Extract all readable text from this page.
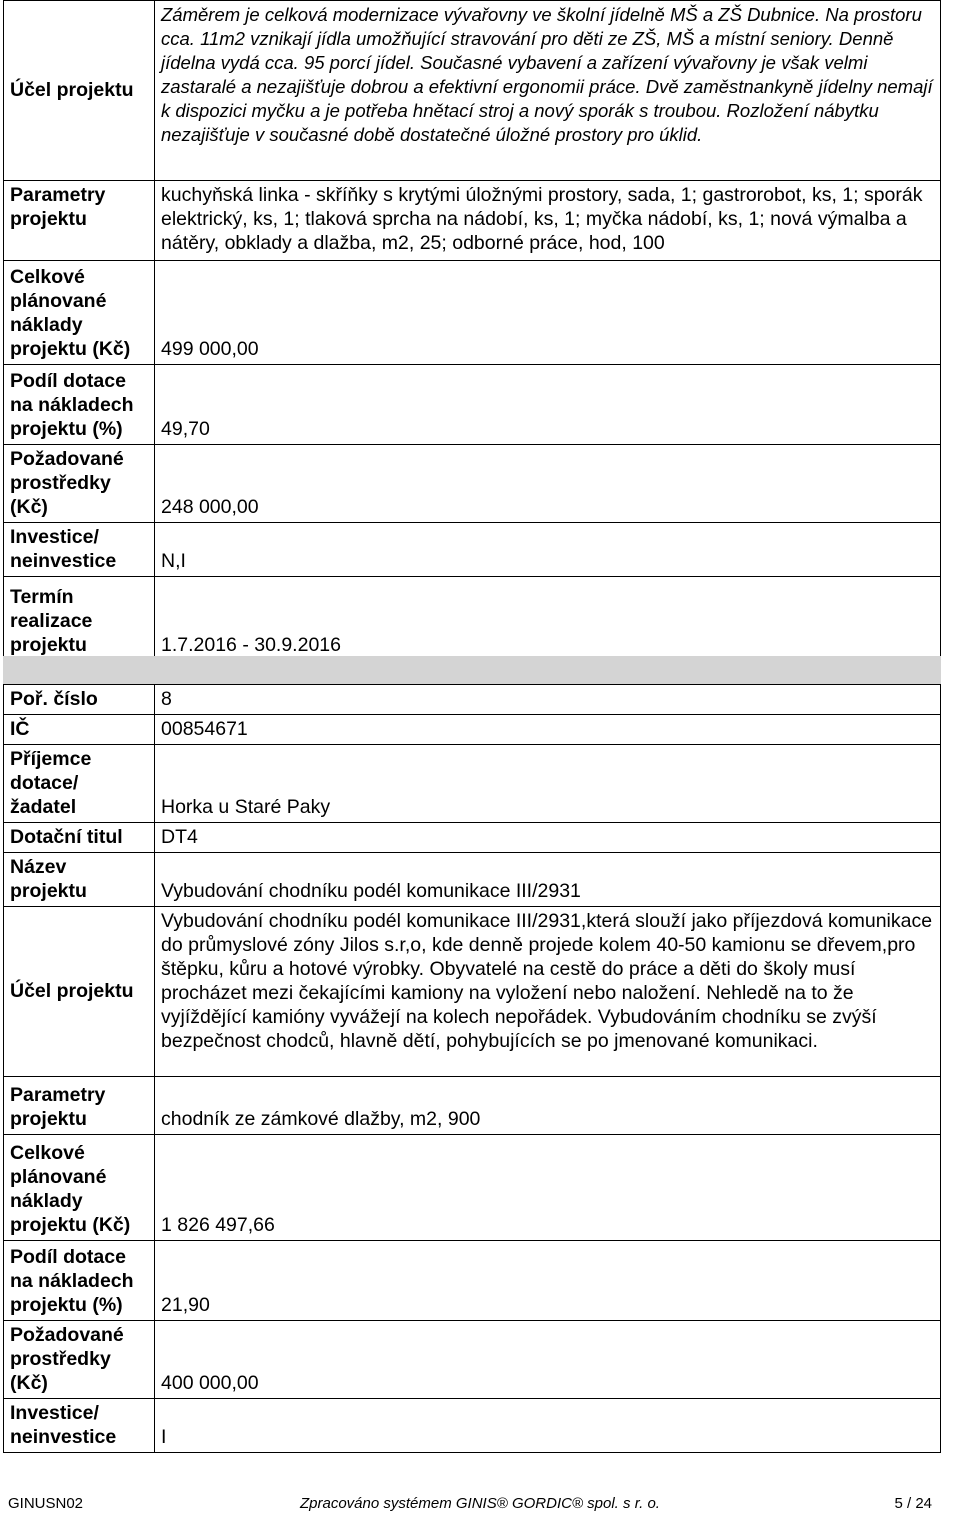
Účel projektu	Záměrem je celková modernizace vývařovny ve školní jídelně MŠ a ZŠ Dubnice. Na prostoru cca. 11m2 vznikají jídla umožňující stravování pro děti ze ZŠ, MŠ a místní seniory. Denně jídelna vydá cca. 95 porcí jídel. Současné vybavení a zařízení vývařovny je však velmi zastaralé a nezajišťuje dobrou a efektivní ergonomii práce. Dvě zaměstnankyně jídelny nemají k dispozici myčku a je potřeba hnětací stroj a nový sporák s troubou. Rozložení nábytku nezajišťuje v současné době dostatečné úložné prostory pro úklid.
Parametry projektu	kuchyňská linka - skříňky s krytými úložnými prostory, sada, 1; gastrorobot, ks, 1; sporák elektrický, ks, 1; tlaková sprcha na nádobí, ks, 1; myčka nádobí, ks, 1; nová výmalba a nátěry, obklady a dlažba, m2, 25; odborné práce, hod, 100
Celkové plánované náklady projektu (Kč)	499 000,00
Podíl dotace na nákladech projektu (%)	49,70
Požadované prostředky (Kč)	248 000,00
Investice/ neinvestice	N,I
Termín realizace projektu	1.7.2016 - 30.9.2016
Poř. číslo	8
IČ	00854671
Příjemce dotace/ žadatel	Horka u Staré Paky
Dotační titul	DT4
Název projektu	Vybudování chodníku podél komunikace III/2931
Účel projektu	Vybudování chodníku podél komunikace III/2931,která slouží jako příjezdová komunikace do průmyslové zóny Jilos s.r,o, kde denně projede kolem 40-50 kamionu se dřevem,pro štěpku, kůru a hotové výrobky. Obyvatelé na cestě do práce a děti do školy musí procházet mezi čekajícími kamiony na vyložení nebo naložení. Nehledě na to že vyjíždějící kamióny vyvážejí na kolech nepořádek. Vybudováním chodníku se zvýší bezpečnost chodců, hlavně dětí, pohybujících se po jmenované komunikaci.
Parametry projektu	chodník ze zámkové dlažby, m2, 900
Celkové plánované náklady projektu (Kč)	1 826 497,66
Podíl dotace na nákladech projektu (%)	21,90
Požadované prostředky (Kč)	400 000,00
Investice/ neinvestice	I
GINUSN02	Zpracováno systémem GINIS® GORDIC® spol. s r. o.	5 / 24
